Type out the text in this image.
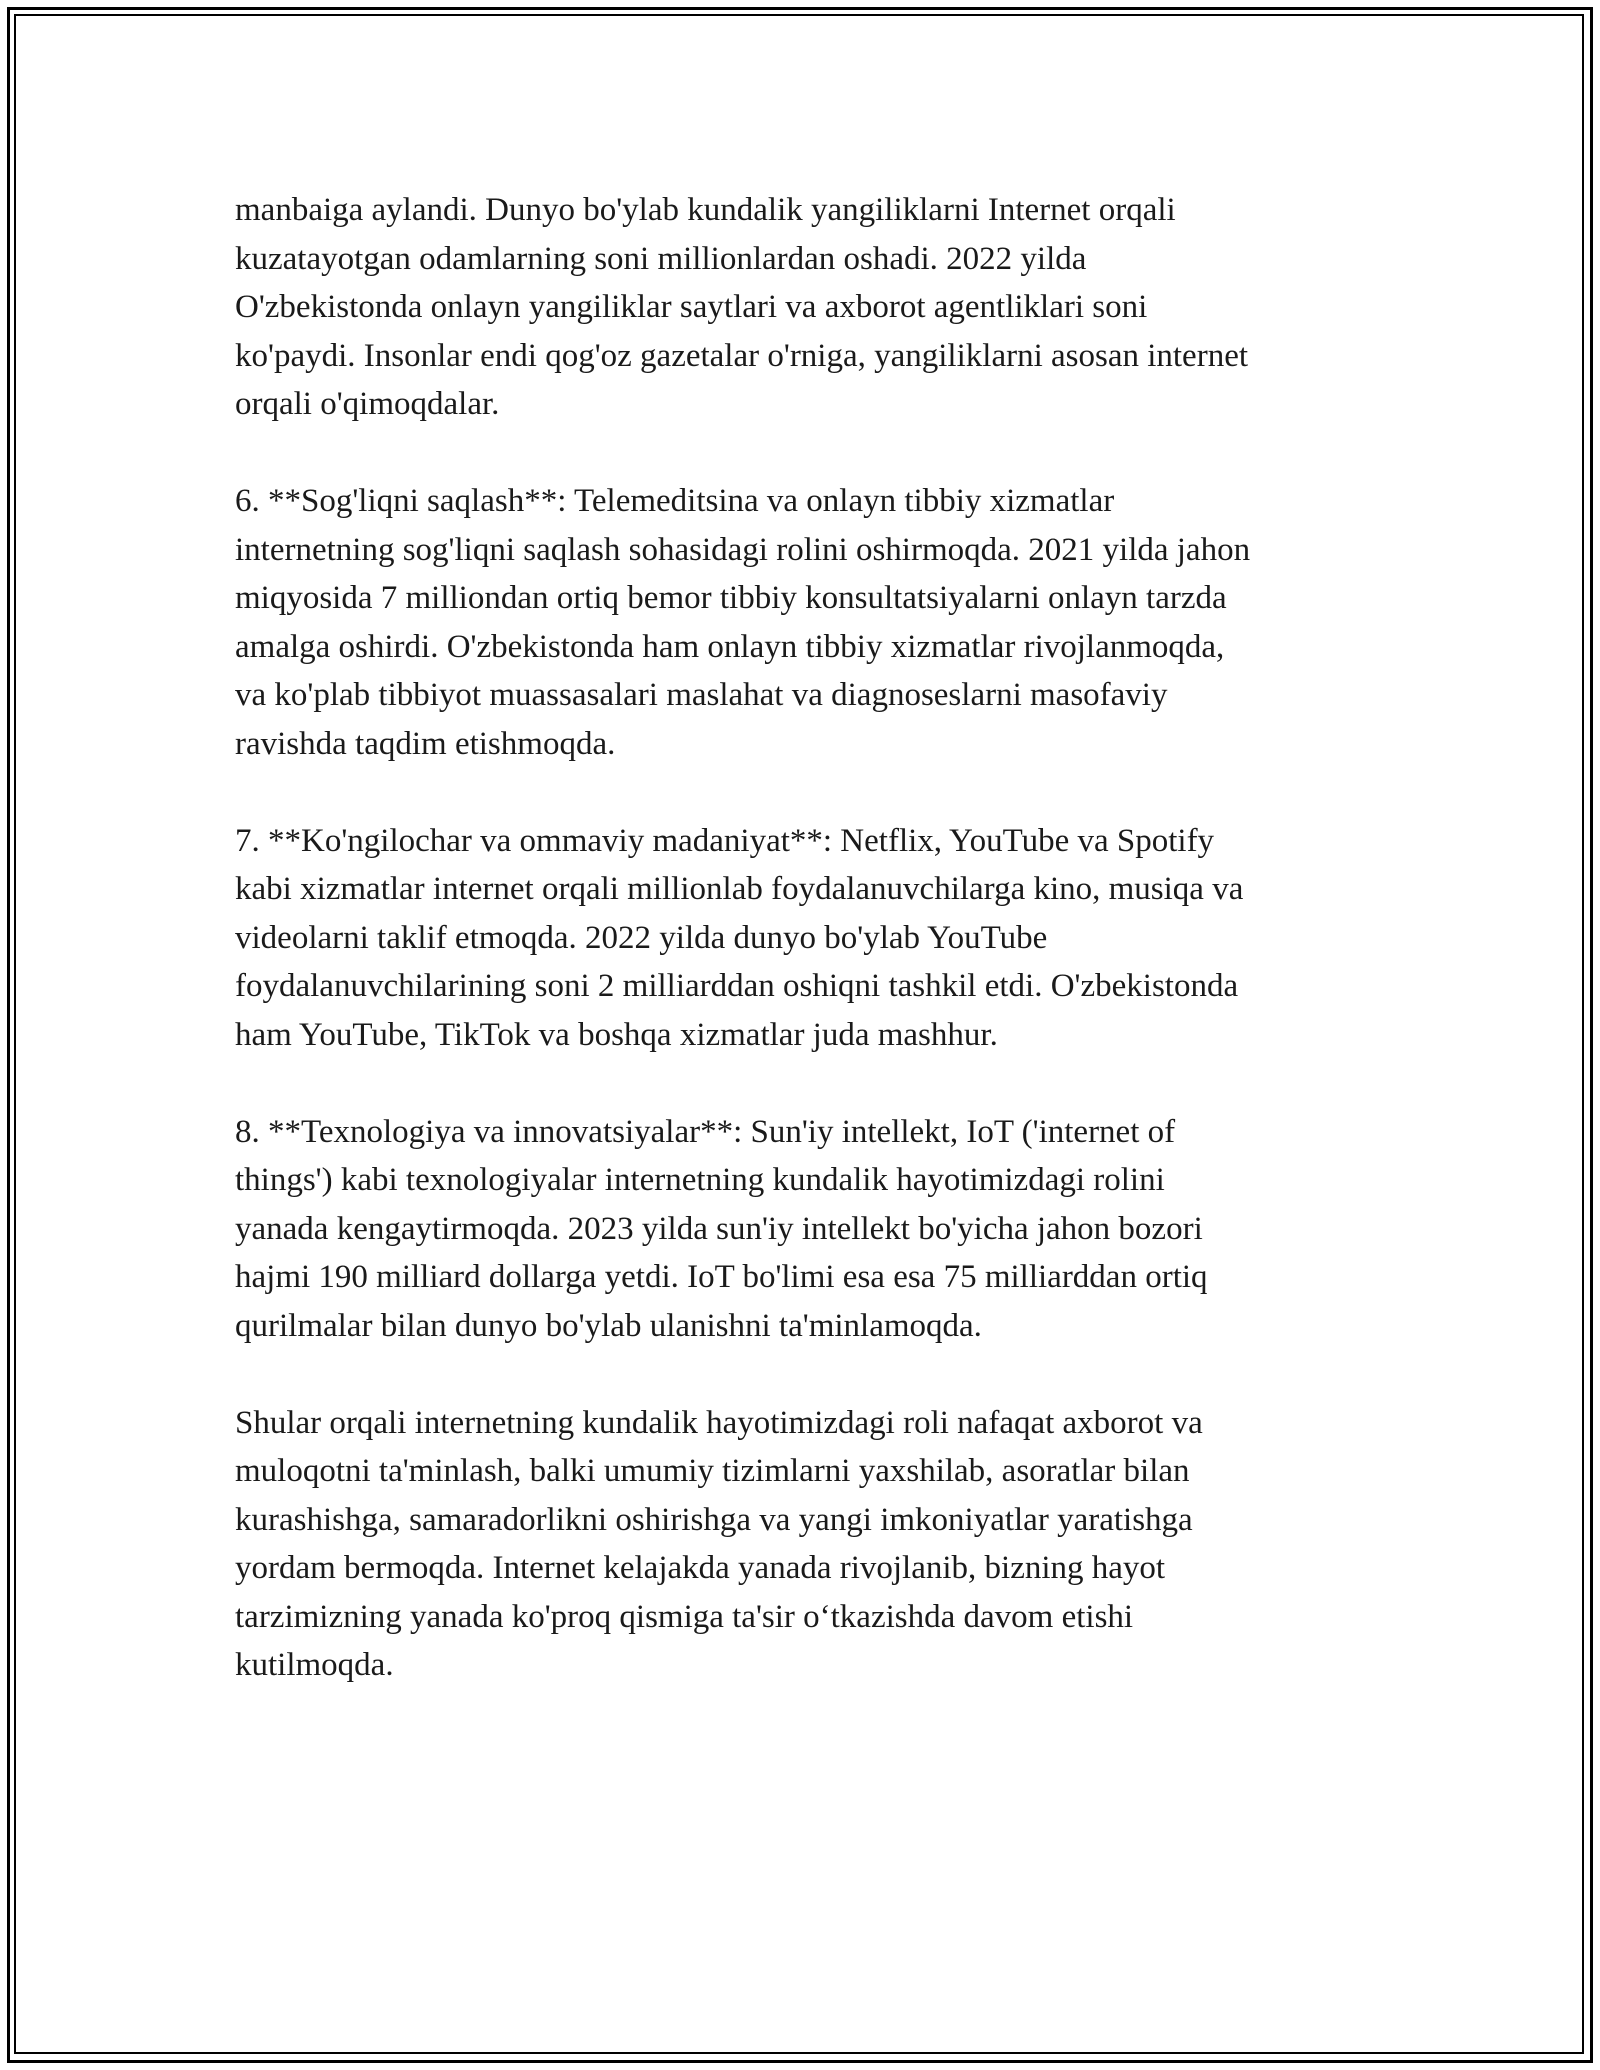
manbaiga aylandi. Dunyo bo'ylab kundalik yangiliklarni Internet orqali
kuzatayotgan odamlarning soni millionlardan oshadi. 2022 yilda
O'zbekistonda onlayn yangiliklar saytlari va axborot agentliklari soni
ko'paydi. Insonlar endi qog'oz gazetalar o'rniga, yangiliklarni asosan internet
orqali o'qimoqdalar.

6. **Sog'liqni saqlash**: Telemeditsina va onlayn tibbiy xizmatlar
internetning sog'liqni saqlash sohasidagi rolini oshirmoqda. 2021 yilda jahon
miqyosida 7 milliondan ortiq bemor tibbiy konsultatsiyalarni onlayn tarzda
amalga oshirdi. O'zbekistonda ham onlayn tibbiy xizmatlar rivojlanmoqda,
va ko'plab tibbiyot muassasalari maslahat va diagnoseslarni masofaviy
ravishda taqdim etishmoqda.

7. **Ko'ngilochar va ommaviy madaniyat**: Netflix, YouTube va Spotify
kabi xizmatlar internet orqali millionlab foydalanuvchilarga kino, musiqa va
videolarni taklif etmoqda. 2022 yilda dunyo bo'ylab YouTube
foydalanuvchilarining soni 2 milliarddan oshiqni tashkil etdi. O'zbekistonda
ham YouTube, TikTok va boshqa xizmatlar juda mashhur.

8. **Texnologiya va innovatsiyalar**: Sun'iy intellekt, IoT ('internet of
things') kabi texnologiyalar internetning kundalik hayotimizdagi rolini
yanada kengaytirmoqda. 2023 yilda sun'iy intellekt bo'yicha jahon bozori
hajmi 190 milliard dollarga yetdi. IoT bo'limi esa esa 75 milliarddan ortiq
qurilmalar bilan dunyo bo'ylab ulanishni ta'minlamoqda.

Shular orqali internetning kundalik hayotimizdagi roli nafaqat axborot va
muloqotni ta'minlash, balki umumiy tizimlarni yaxshilab, asoratlar bilan
kurashishga, samaradorlikni oshirishga va yangi imkoniyatlar yaratishga
yordam bermoqda. Internet kelajakda yanada rivojlanib, bizning hayot
tarzimizning yanada ko'proq qismiga ta'sir o‘tkazishda davom etishi
kutilmoqda.
